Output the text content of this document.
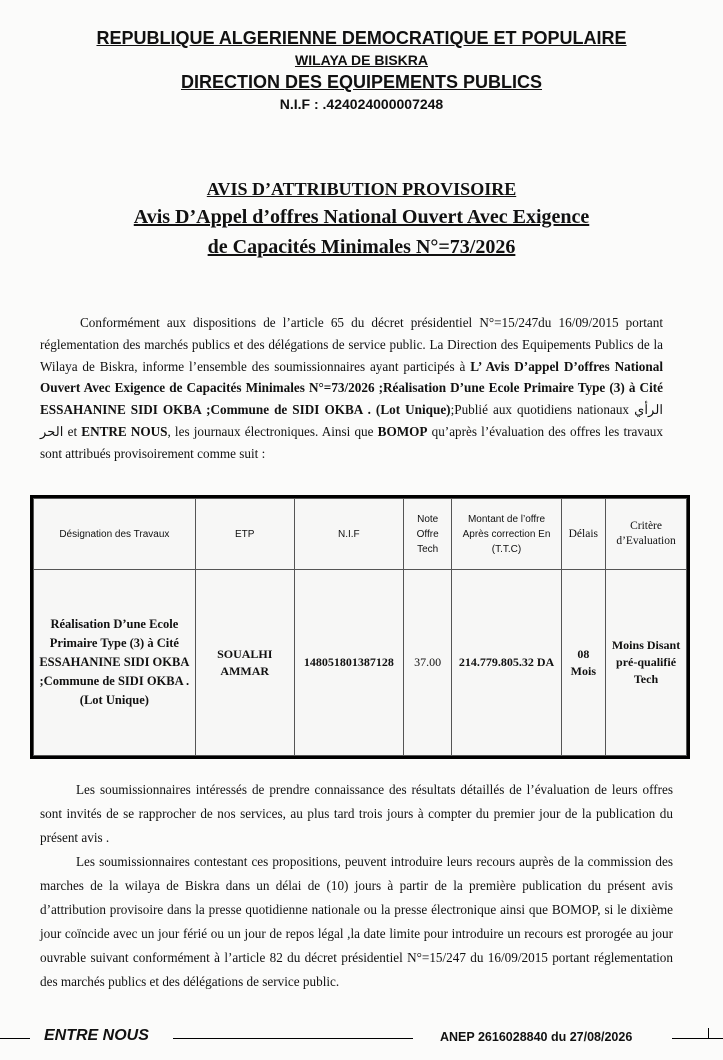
REPUBLIQUE ALGERIENNE DEMOCRATIQUE ET POPULAIRE

WILAYA DE BISKRA

DIRECTION DES EQUIPEMENTS PUBLICS

N.I.F : .424024000007248

AVIS D’ATTRIBUTION PROVISOIRE
Avis D’Appel d’offres National Ouvert Avec Exigence
de Capacités Minimales N°=73/2026
Conformément aux dispositions de l’article 65 du décret présidentiel N°=15/247du 16/09/2015 portant réglementation des marchés publics et des délégations de service public. La Direction des Equipements Publics de la Wilaya de Biskra, informe l’ensemble des soumissionnaires ayant participés à L’ Avis D’appel D’offres National Ouvert Avec Exigence de Capacités Minimales N°=73/2026 ;Réalisation D’une Ecole Primaire Type (3) à Cité ESSAHANINE SIDI OKBA ;Commune de SIDI OKBA . (Lot Unique);Publié aux quotidiens nationaux الرأي الحر et ENTRE NOUS, les journaux électroniques. Ainsi que BOMOP qu’après l’évaluation des offres les travaux sont attribués provisoirement comme suit :
Désignation des Travaux	ETP	N.I.F	Note Offre Tech	Montant de l’offre Après correction En (T.T.C)	Délais	Critère d’Evaluation
Réalisation D’une Ecole Primaire Type (3) à Cité ESSAHANINE SIDI OKBA ;Commune de SIDI OKBA . (Lot Unique)	SOUALHI AMMAR	148051801387128	37.00	214.779.805.32 DA	08 Mois	Moins Disant pré-qualifié Tech

Les soumissionnaires intéressés de prendre connaissance des résultats détaillés de l’évaluation de leurs offres sont invités de se rapprocher de nos services, au plus tard trois jours à compter du premier jour de la publication du présent avis .

Les soumissionnaires contestant ces propositions, peuvent introduire leurs recours auprès de la commission des marches de la wilaya de Biskra dans un délai de (10) jours à partir de la première publication du présent avis d’attribution provisoire dans la presse quotidienne nationale ou la presse électronique ainsi que BOMOP, si le dixième jour coïncide avec un jour férié ou un jour de repos légal ,la date limite pour introduire un recours est prorogée au jour ouvrable suivant conformément à l’article 82 du décret présidentiel N°=15/247 du 16/09/2015 portant réglementation des marchés publics et des délégations de service public.

ENTRE NOUS	ANEP 2616028840 du 27/08/2026
